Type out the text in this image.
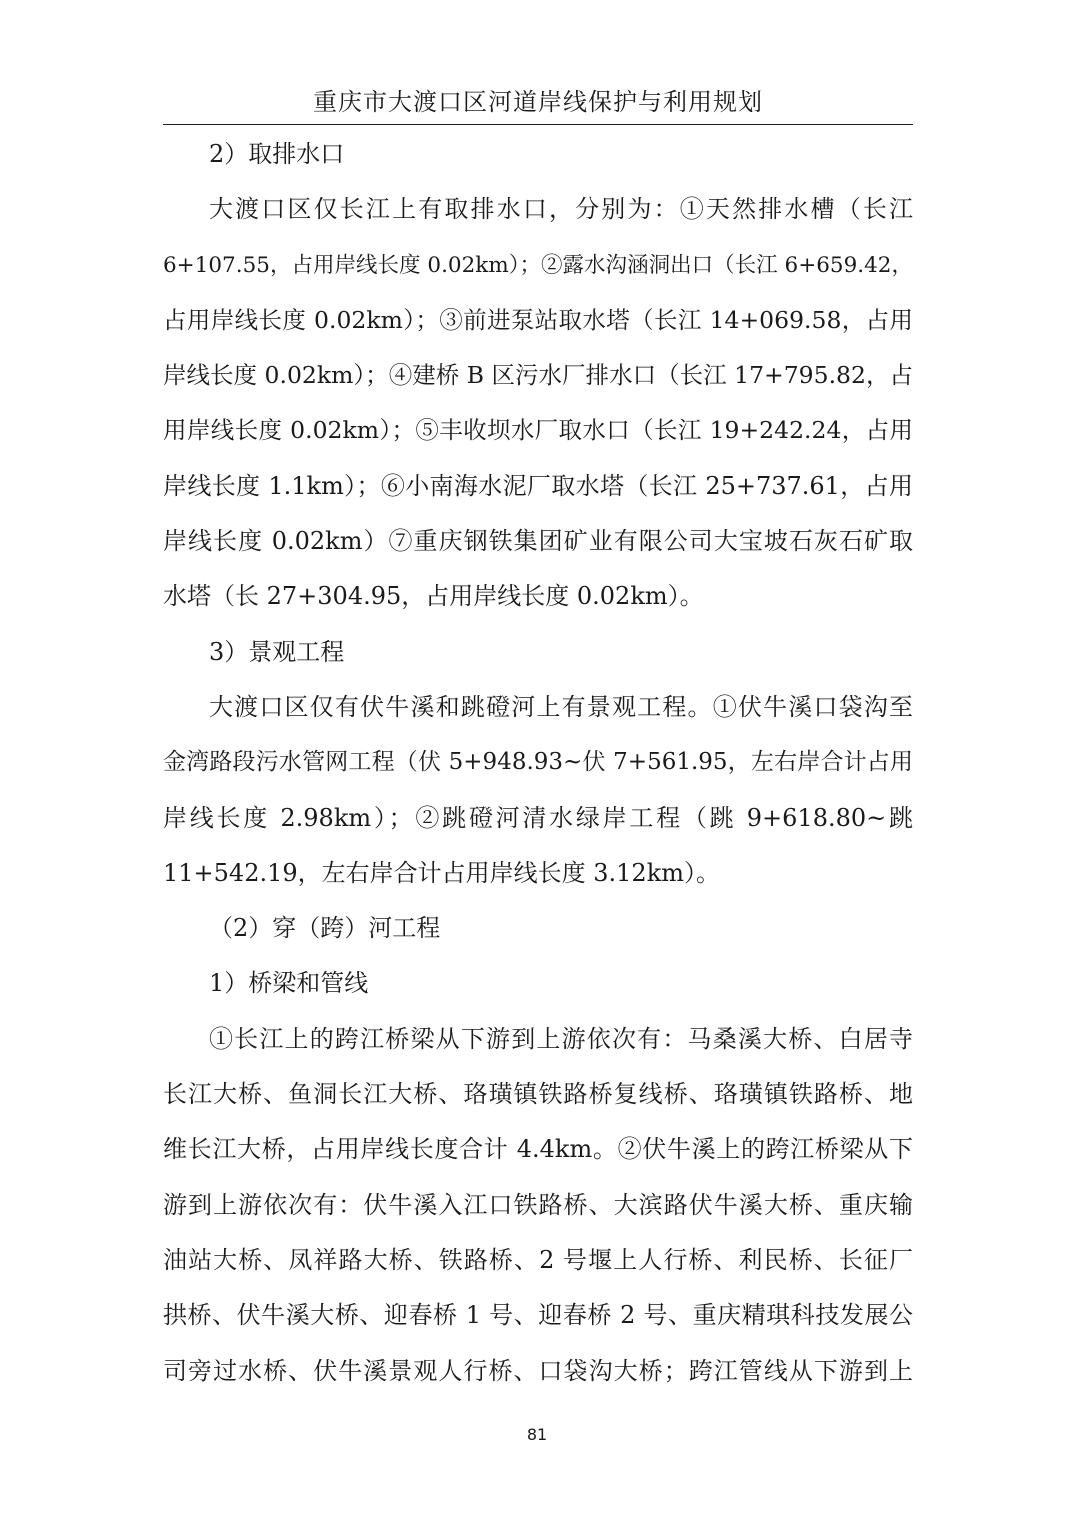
重庆市大渡口区河道岸线保护与利用规划
2）取排水口
大渡口区仅长江上有取排水口，分别为：①天然排水槽（长江
6+107.55，占用岸线长度 0.02km）；②露水沟涵洞出口（长江 6+659.42，
占用岸线长度 0.02km）；③前进泵站取水塔（长江 14+069.58，占用
岸线长度 0.02km）；④建桥 B 区污水厂排水口（长江 17+795.82，占
用岸线长度 0.02km）；⑤丰收坝水厂取水口（长江 19+242.24，占用
岸线长度 1.1km）；⑥小南海水泥厂取水塔（长江 25+737.61，占用
岸线长度 0.02km）⑦重庆钢铁集团矿业有限公司大宝坡石灰石矿取
水塔（长 27+304.95，占用岸线长度 0.02km）。
3）景观工程
大渡口区仅有伏牛溪和跳磴河上有景观工程。①伏牛溪口袋沟至
金湾路段污水管网工程（伏 5+948.93~伏 7+561.95，左右岸合计占用
岸线长度 2.98km）；②跳磴河清水绿岸工程（跳 9+618.80~跳
11+542.19，左右岸合计占用岸线长度 3.12km）。
（2）穿（跨）河工程
1）桥梁和管线
①长江上的跨江桥梁从下游到上游依次有：马桑溪大桥、白居寺
长江大桥、鱼洞长江大桥、珞璜镇铁路桥复线桥、珞璜镇铁路桥、地
维长江大桥，占用岸线长度合计 4.4km。②伏牛溪上的跨江桥梁从下
游到上游依次有：伏牛溪入江口铁路桥、大滨路伏牛溪大桥、重庆输
油站大桥、凤祥路大桥、铁路桥、2 号堰上人行桥、利民桥、长征厂
拱桥、伏牛溪大桥、迎春桥 1 号、迎春桥 2 号、重庆精琪科技发展公
司旁过水桥、伏牛溪景观人行桥、口袋沟大桥；跨江管线从下游到上
81
